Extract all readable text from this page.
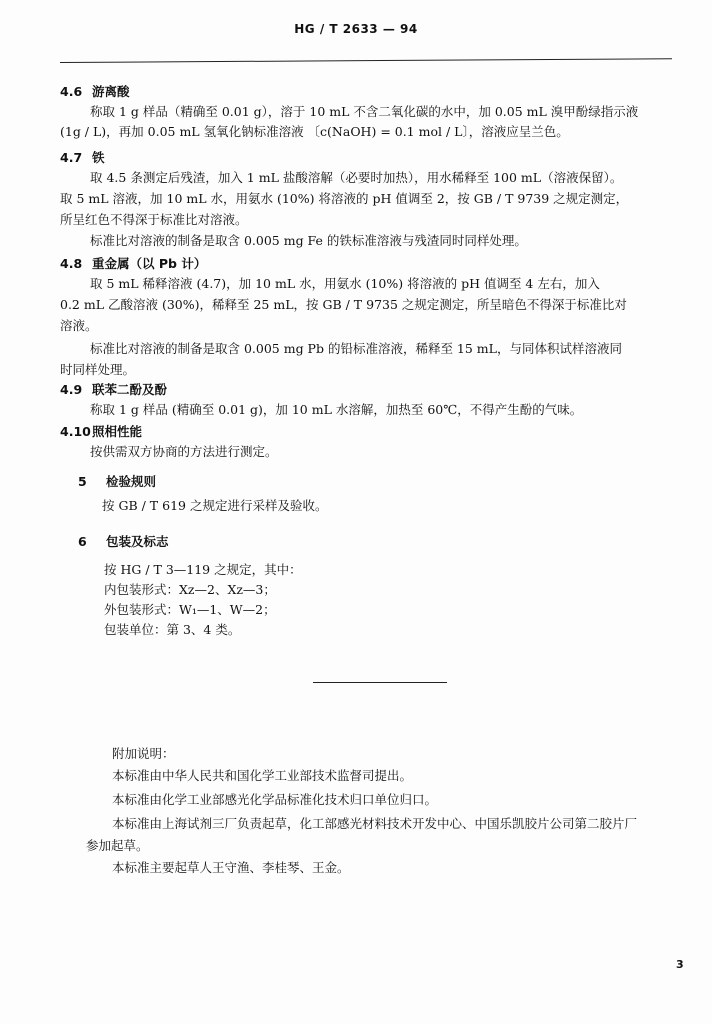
HG / T 2633 — 94
4.6 游离酸
称取 1 g 样品（精确至 0.01 g），溶于 10 mL 不含二氧化碳的水中，加 0.05 mL 溴甲酚绿指示液
(1g / L)，再加 0.05 mL 氢氧化钠标准溶液 〔c(NaOH) = 0.1 mol / L〕，溶液应呈兰色。
4.7 铁
取 4.5 条测定后残渣，加入 1 mL 盐酸溶解（必要时加热），用水稀释至 100 mL（溶液保留）。
取 5 mL 溶液，加 10 mL 水，用氨水 (10%) 将溶液的 pH 值调至 2，按 GB / T 9739 之规定测定，
所呈红色不得深于标准比对溶液。
标准比对溶液的制备是取含 0.005 mg Fe 的铁标准溶液与残渣同时同样处理。
4.8 重金属（以 Pb 计）
取 5 mL 稀释溶液 (4.7)，加 10 mL 水，用氨水 (10%) 将溶液的 pH 值调至 4 左右，加入
0.2 mL 乙酸溶液 (30%)，稀释至 25 mL，按 GB / T 9735 之规定测定，所呈暗色不得深于标准比对
溶液。
标准比对溶液的制备是取含 0.005 mg Pb 的铅标准溶液，稀释至 15 mL，与同体积试样溶液同
时同样处理。
4.9 联苯二酚及酚
称取 1 g 样品 (精确至 0.01 g)，加 10 mL 水溶解，加热至 60℃，不得产生酚的气味。
4.10照相性能
按供需双方协商的方法进行测定。
5 检验规则
按 GB / T 619 之规定进行采样及验收。
6 包装及标志
按 HG / T 3—119 之规定，其中：
内包装形式：Xz—2、Xz—3；
外包装形式：W₁—1、W—2；
包装单位：第 3、4 类。
附加说明：
本标准由中华人民共和国化学工业部技术监督司提出。
本标准由化学工业部感光化学品标准化技术归口单位归口。
本标准由上海试剂三厂负责起草，化工部感光材料技术开发中心、中国乐凯胶片公司第二胶片厂
参加起草。
本标准主要起草人王守渔、李桂琴、王金。
3
